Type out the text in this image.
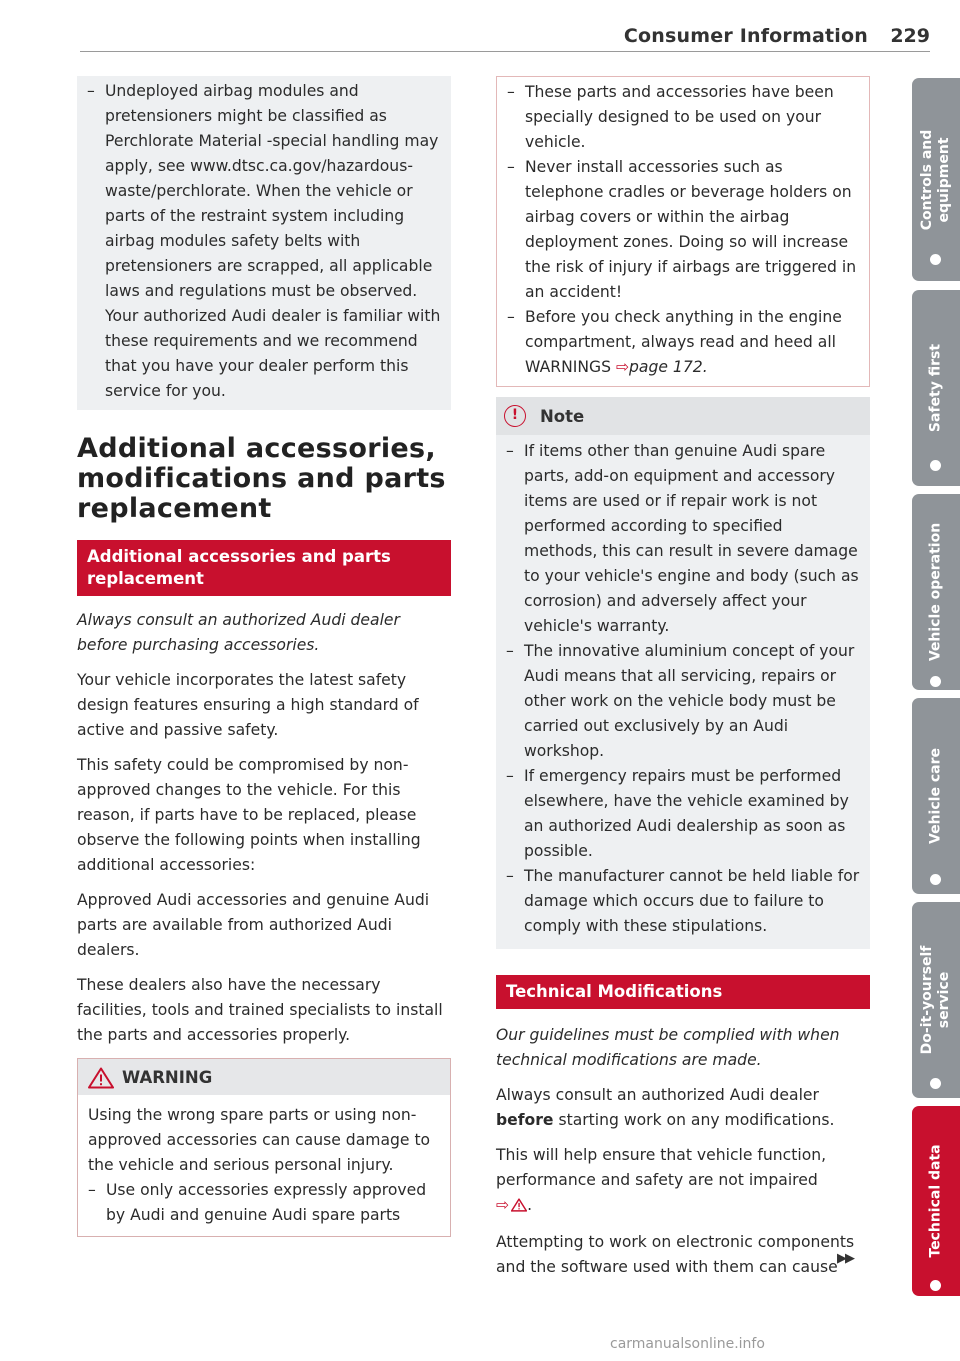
Consumer Information 229
– Undeployed airbag modules and pretensioners might be classified as Perchlorate Material -special handling may apply, see www.dtsc.ca.gov/hazardous-waste/perchlorate. When the vehicle or parts of the restraint system including airbag modules safety belts with pretensioners are scrapped, all applicable laws and regulations must be observed. Your authorized Audi dealer is familiar with these requirements and we recommend that you have your dealer perform this service for you.
Additional accessories, modifications and parts replacement
Additional accessories and parts replacement
Always consult an authorized Audi dealer before purchasing accessories.
Your vehicle incorporates the latest safety design features ensuring a high standard of active and passive safety.
This safety could be compromised by non-approved changes to the vehicle. For this reason, if parts have to be replaced, please observe the following points when installing additional accessories:
Approved Audi accessories and genuine Audi parts are available from authorized Audi dealers.
These dealers also have the necessary facilities, tools and trained specialists to install the parts and accessories properly.
WARNING
Using the wrong spare parts or using non-approved accessories can cause damage to the vehicle and serious personal injury.
– Use only accessories expressly approved by Audi and genuine Audi spare parts
– These parts and accessories have been specially designed to be used on your vehicle.
– Never install accessories such as telephone cradles or beverage holders on airbag covers or within the airbag deployment zones. Doing so will increase the risk of injury if airbags are triggered in an accident!
– Before you check anything in the engine compartment, always read and heed all WARNINGS ⇨page 172.
!	Note
– If items other than genuine Audi spare parts, add-on equipment and accessory items are used or if repair work is not performed according to specified methods, this can result in severe damage to your vehicle's engine and body (such as corrosion) and adversely affect your vehicle's warranty.
– The innovative aluminium concept of your Audi means that all servicing, repairs or other work on the vehicle body must be carried out exclusively by an Audi workshop.
– If emergency repairs must be performed elsewhere, have the vehicle examined by an authorized Audi dealership as soon as possible.
– The manufacturer cannot be held liable for damage which occurs due to failure to comply with these stipulations.
Technical Modifications
Our guidelines must be complied with when technical modifications are made.
Always consult an authorized Audi dealer before starting work on any modifications.
This will help ensure that vehicle function, performance and safety are not impaired
⇨ .
Attempting to work on electronic components and the software used with them can cause ▶▶
Controls and equipment
Safety first
Vehicle operation
Vehicle care
Do-it-yourself service
Technical data
carmanualsonline.info
